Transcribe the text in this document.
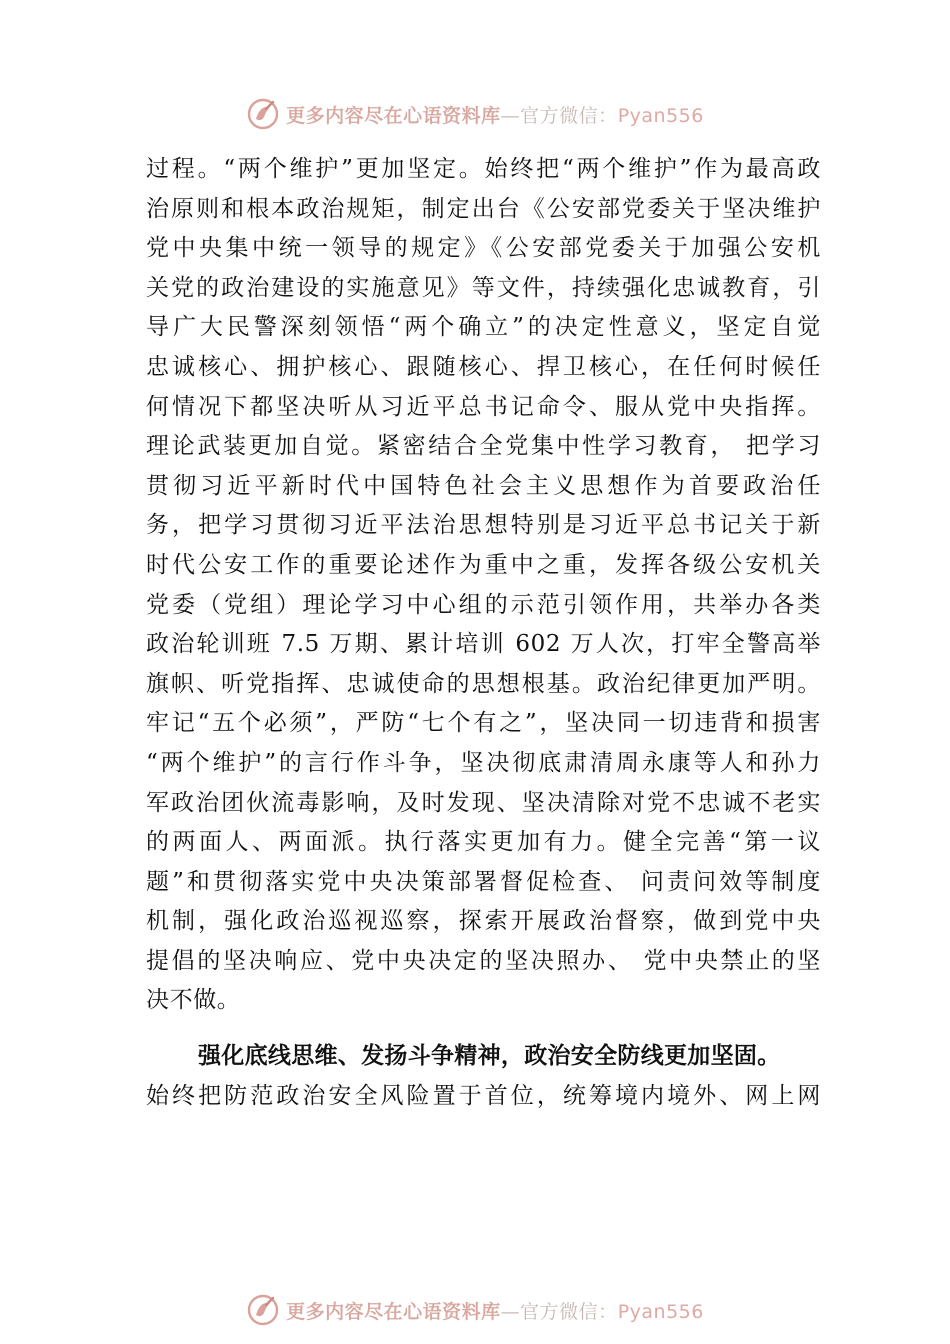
更多内容尽在心语资料库—官方微信：Pyan556
过程。“两个维护”更加坚定。始终把“两个维护”作为最高政
治原则和根本政治规矩，制定出台《公安部党委关于坚决维护
党中央集中统一领导的规定》《公安部党委关于加强公安机
关党的政治建设的实施意见》等文件，持续强化忠诚教育，引
导广大民警深刻领悟“两个确立”的决定性意义，坚定自觉
忠诚核心、拥护核心、跟随核心、捍卫核心，在任何时候任
何情况下都坚决听从习近平总书记命令、服从党中央指挥。
理论武装更加自觉。紧密结合全党集中性学习教育， 把学习
贯彻习近平新时代中国特色社会主义思想作为首要政治任
务，把学习贯彻习近平法治思想特别是习近平总书记关于新
时代公安工作的重要论述作为重中之重，发挥各级公安机关
党委（党组）理论学习中心组的示范引领作用，共举办各类
政治轮训班 7.5 万期、累计培训 602 万人次，打牢全警高举
旗帜、听党指挥、忠诚使命的思想根基。政治纪律更加严明。
牢记“五个必须”，严防“七个有之”，坚决同一切违背和损害
“两个维护”的言行作斗争，坚决彻底肃清周永康等人和孙力
军政治团伙流毒影响，及时发现、坚决清除对党不忠诚不老实
的两面人、两面派。执行落实更加有力。健全完善“第一议
题”和贯彻落实党中央决策部署督促检查、 问责问效等制度
机制，强化政治巡视巡察，探索开展政治督察，做到党中央
提倡的坚决响应、党中央决定的坚决照办、 党中央禁止的坚
决不做。
强化底线思维、发扬斗争精神，政治安全防线更加坚固。
始终把防范政治安全风险置于首位，统筹境内境外、网上网
更多内容尽在心语资料库—官方微信：Pyan556
